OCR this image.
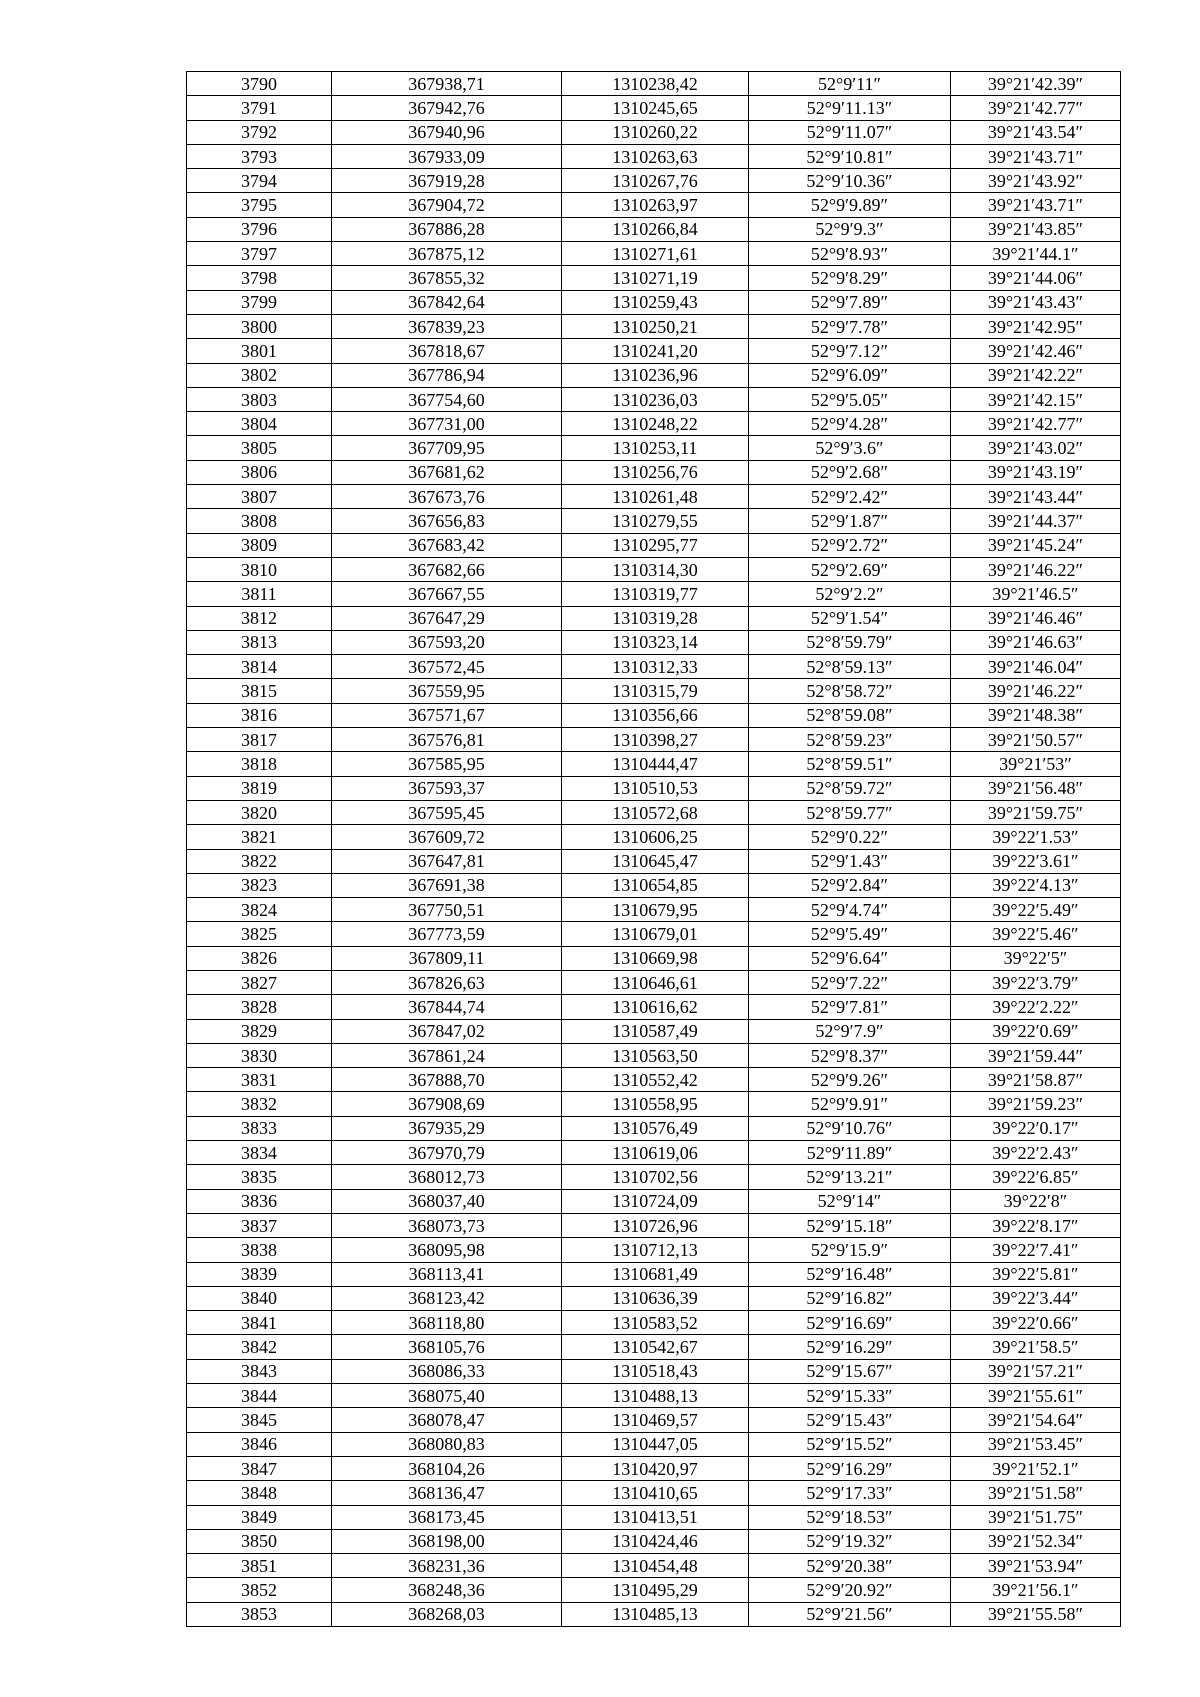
3790	367938,71	1310238,42	52°9′11″	39°21′42.39″
3791	367942,76	1310245,65	52°9′11.13″	39°21′42.77″
3792	367940,96	1310260,22	52°9′11.07″	39°21′43.54″
3793	367933,09	1310263,63	52°9′10.81″	39°21′43.71″
3794	367919,28	1310267,76	52°9′10.36″	39°21′43.92″
3795	367904,72	1310263,97	52°9′9.89″	39°21′43.71″
3796	367886,28	1310266,84	52°9′9.3″	39°21′43.85″
3797	367875,12	1310271,61	52°9′8.93″	39°21′44.1″
3798	367855,32	1310271,19	52°9′8.29″	39°21′44.06″
3799	367842,64	1310259,43	52°9′7.89″	39°21′43.43″
3800	367839,23	1310250,21	52°9′7.78″	39°21′42.95″
3801	367818,67	1310241,20	52°9′7.12″	39°21′42.46″
3802	367786,94	1310236,96	52°9′6.09″	39°21′42.22″
3803	367754,60	1310236,03	52°9′5.05″	39°21′42.15″
3804	367731,00	1310248,22	52°9′4.28″	39°21′42.77″
3805	367709,95	1310253,11	52°9′3.6″	39°21′43.02″
3806	367681,62	1310256,76	52°9′2.68″	39°21′43.19″
3807	367673,76	1310261,48	52°9′2.42″	39°21′43.44″
3808	367656,83	1310279,55	52°9′1.87″	39°21′44.37″
3809	367683,42	1310295,77	52°9′2.72″	39°21′45.24″
3810	367682,66	1310314,30	52°9′2.69″	39°21′46.22″
3811	367667,55	1310319,77	52°9′2.2″	39°21′46.5″
3812	367647,29	1310319,28	52°9′1.54″	39°21′46.46″
3813	367593,20	1310323,14	52°8′59.79″	39°21′46.63″
3814	367572,45	1310312,33	52°8′59.13″	39°21′46.04″
3815	367559,95	1310315,79	52°8′58.72″	39°21′46.22″
3816	367571,67	1310356,66	52°8′59.08″	39°21′48.38″
3817	367576,81	1310398,27	52°8′59.23″	39°21′50.57″
3818	367585,95	1310444,47	52°8′59.51″	39°21′53″
3819	367593,37	1310510,53	52°8′59.72″	39°21′56.48″
3820	367595,45	1310572,68	52°8′59.77″	39°21′59.75″
3821	367609,72	1310606,25	52°9′0.22″	39°22′1.53″
3822	367647,81	1310645,47	52°9′1.43″	39°22′3.61″
3823	367691,38	1310654,85	52°9′2.84″	39°22′4.13″
3824	367750,51	1310679,95	52°9′4.74″	39°22′5.49″
3825	367773,59	1310679,01	52°9′5.49″	39°22′5.46″
3826	367809,11	1310669,98	52°9′6.64″	39°22′5″
3827	367826,63	1310646,61	52°9′7.22″	39°22′3.79″
3828	367844,74	1310616,62	52°9′7.81″	39°22′2.22″
3829	367847,02	1310587,49	52°9′7.9″	39°22′0.69″
3830	367861,24	1310563,50	52°9′8.37″	39°21′59.44″
3831	367888,70	1310552,42	52°9′9.26″	39°21′58.87″
3832	367908,69	1310558,95	52°9′9.91″	39°21′59.23″
3833	367935,29	1310576,49	52°9′10.76″	39°22′0.17″
3834	367970,79	1310619,06	52°9′11.89″	39°22′2.43″
3835	368012,73	1310702,56	52°9′13.21″	39°22′6.85″
3836	368037,40	1310724,09	52°9′14″	39°22′8″
3837	368073,73	1310726,96	52°9′15.18″	39°22′8.17″
3838	368095,98	1310712,13	52°9′15.9″	39°22′7.41″
3839	368113,41	1310681,49	52°9′16.48″	39°22′5.81″
3840	368123,42	1310636,39	52°9′16.82″	39°22′3.44″
3841	368118,80	1310583,52	52°9′16.69″	39°22′0.66″
3842	368105,76	1310542,67	52°9′16.29″	39°21′58.5″
3843	368086,33	1310518,43	52°9′15.67″	39°21′57.21″
3844	368075,40	1310488,13	52°9′15.33″	39°21′55.61″
3845	368078,47	1310469,57	52°9′15.43″	39°21′54.64″
3846	368080,83	1310447,05	52°9′15.52″	39°21′53.45″
3847	368104,26	1310420,97	52°9′16.29″	39°21′52.1″
3848	368136,47	1310410,65	52°9′17.33″	39°21′51.58″
3849	368173,45	1310413,51	52°9′18.53″	39°21′51.75″
3850	368198,00	1310424,46	52°9′19.32″	39°21′52.34″
3851	368231,36	1310454,48	52°9′20.38″	39°21′53.94″
3852	368248,36	1310495,29	52°9′20.92″	39°21′56.1″
3853	368268,03	1310485,13	52°9′21.56″	39°21′55.58″
